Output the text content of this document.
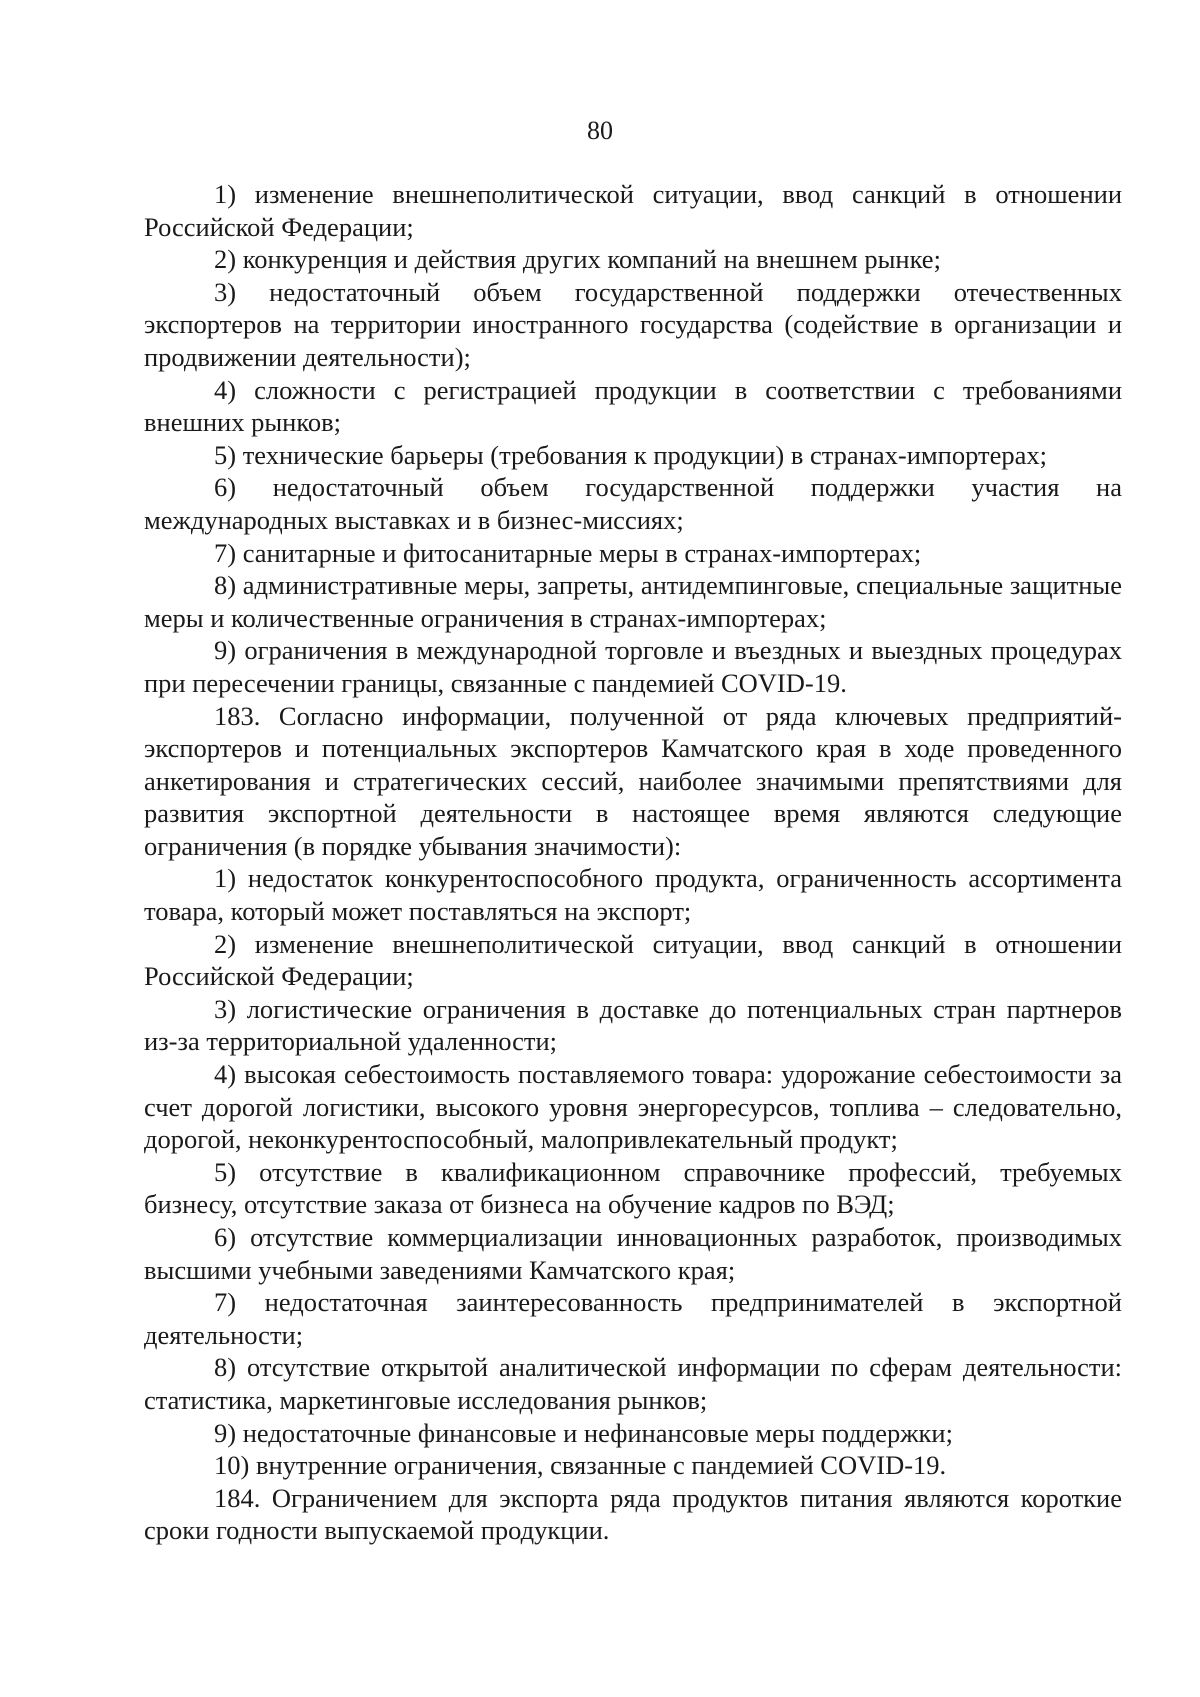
80

1) изменение внешнеполитической ситуации, ввод санкций в отношении Российской Федерации;

2) конкуренция и действия других компаний на внешнем рынке;

3) недостаточный объем государственной поддержки отечественных экспортеров на территории иностранного государства (содействие в организации и продвижении деятельности);

4) сложности с регистрацией продукции в соответствии с требованиями внешних рынков;

5) технические барьеры (требования к продукции) в странах-импортерах;

6) недостаточный объем государственной поддержки участия на международных выставках и в бизнес-миссиях;

7) санитарные и фитосанитарные меры в странах-импортерах;

8) административные меры, запреты, антидемпинговые, специальные защитные меры и количественные ограничения в странах-импортерах;

9) ограничения в международной торговле и въездных и выездных процедурах при пересечении границы, связанные с пандемией COVID-19.

183. Согласно информации, полученной от ряда ключевых предприятий-экспортеров и потенциальных экспортеров Камчатского края в ходе проведенного анкетирования и стратегических сессий, наиболее значимыми препятствиями для развития экспортной деятельности в настоящее время являются следующие ограничения (в порядке убывания значимости):

1) недостаток конкурентоспособного продукта, ограниченность ассортимента товара, который может поставляться на экспорт;

2) изменение внешнеполитической ситуации, ввод санкций в отношении Российской Федерации;

3) логистические ограничения в доставке до потенциальных стран партнеров из-за территориальной удаленности;

4) высокая себестоимость поставляемого товара: удорожание себестоимости за счет дорогой логистики, высокого уровня энергоресурсов, топлива – следовательно, дорогой, неконкурентоспособный, малопривлекательный продукт;

5) отсутствие в квалификационном справочнике профессий, требуемых бизнесу, отсутствие заказа от бизнеса на обучение кадров по ВЭД;

6) отсутствие коммерциализации инновационных разработок, производимых высшими учебными заведениями Камчатского края;

7) недостаточная заинтересованность предпринимателей в экспортной деятельности;

8) отсутствие открытой аналитической информации по сферам деятельности: статистика, маркетинговые исследования рынков;

9) недостаточные финансовые и нефинансовые меры поддержки;

10) внутренние ограничения, связанные с пандемией COVID-19.

184. Ограничением для экспорта ряда продуктов питания являются короткие сроки годности выпускаемой продукции.
